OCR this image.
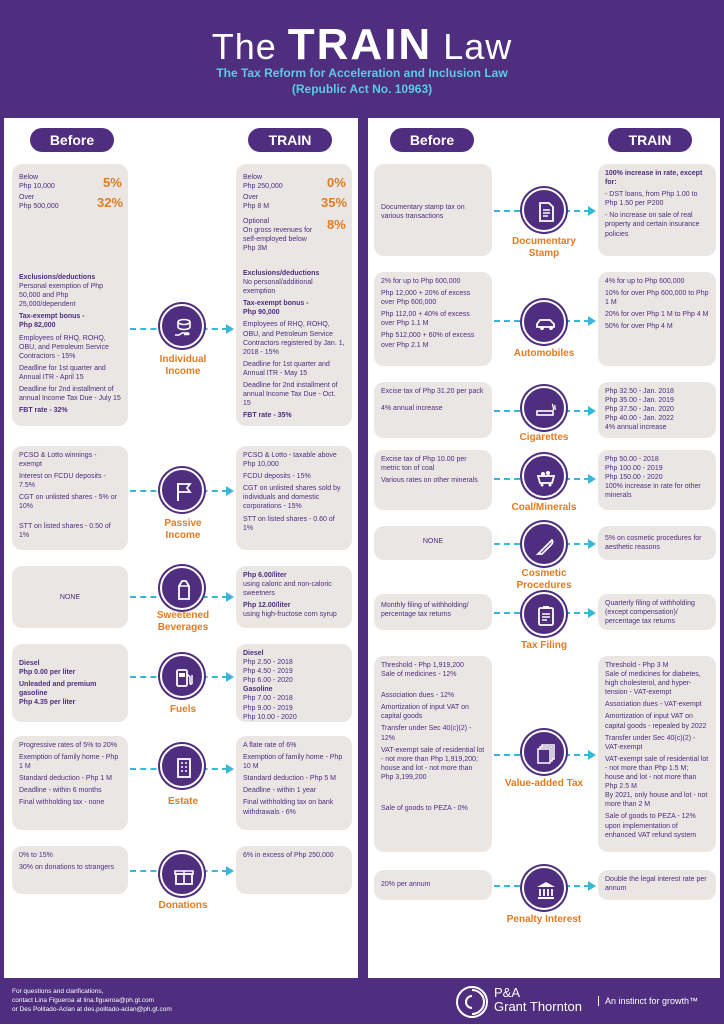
The TRAIN Law
The Tax Reform for Acceleration and Inclusion Law
(Republic Act No. 10963)
Before	TRAIN	Before	TRAIN
Below
Php 10,000	5%
Over
Php 500,000	32%
Exclusions/deductions
Personal exemption of Php 50,000 and Php 25,000/dependent
Tax-exempt bonus -
Php 82,000
Employees of RHQ, ROHQ, OBU, and Petroleum Service Contractors - 15%
Deadline for 1st quarter and Annual ITR - April 15
Deadline for 2nd installment of annual Income Tax Due - July 15
FBT rate - 32%
Below
Php 250,000	0%
Over
Php 8 M	35%
Optional
On gross revenues for self-employed below Php 3M
8%
Exclusions/deductions
No personal/additional exemption
Tax-exempt bonus -
Php 90,000
Employees of RHQ, ROHQ, OBU, and Petroleum Service Contractors registered by Jan. 1, 2018 - 15%
Deadline for 1st quarter and Annual ITR - May 15
Deadline for 2nd installment of annual Income Tax Due - Oct. 15
FBT rate - 35%
Individual Income
PCSO & Lotto winnings - exempt
Interest on FCDU deposits - 7.5%
CGT on unlisted shares - 5% or 10%
STT on listed shares - 0.50 of 1%
PCSO & Lotto - taxable above Php 10,000
FCDU deposits - 15%
CGT on unlisted shares sold by individuals and domestic corporations - 15%
STT on listed shares - 0.60 of 1%
Passive Income
NONE
Php 6.00/liter
using caloric and non-caloric sweetners
Php 12.00/liter
using high-fructose corn syrup
Sweetened Beverages
Diesel
Php 0.00 per liter
Unleaded and premium gasoline
Php 4.35 per liter
Diesel
Php 2.50 - 2018
Php 4.50 - 2019
Php 6.00 - 2020
Gasoline
Php 7.00 - 2018
Php 9.00 - 2019
Php 10.00 - 2020
Fuels
Progressive rates of 5% to 20%
Exemption of family home - Php 1 M
Standard deduction - Php 1 M
Deadline - within 6 months
Final withholding tax - none
A flate rate of 6%
Exemption of family home - Php 10 M
Standard deduction - Php 5 M
Deadline - within 1 year
Final withholding tax on bank withdrawals - 6%
Estate
0% to 15%
30% on donations to strangers
6% in excess of Php 250,000
Donations
Documentary stamp tax on various transactions
100% increase in rate, except for:
- DST loans, from Php 1.00 to Php 1.50 per P200
- No increase on sale of real property and certain insurance policies
Documentary Stamp
2% for up to Php 600,000
Php 12,000 + 20% of excess over Php 600,000
Php 112,00 + 40% of excess over Php 1.1 M
Php 512,000 + 60% of excess over Php 2.1 M
4% for up to Php 600,000
10% for over Php 600,000 to Php 1 M
20% for over Php 1 M to Php 4 M
50% for over Php 4 M
Automobiles
Excise tax of Php 31.20 per pack
4% annual increase
Php 32.50 - Jan. 2018
Php 35.00 - Jan. 2019
Php 37.50 - Jan. 2020
Php 40.00 - Jan. 2022
4% annual increase
Cigarettes
Excise tax of Php 10.00 per metric ton of coal
Various rates on other minerals
Php 50.00 - 2018
Php 100.00 - 2019
Php 150.00 - 2020
100% increase in rate for other minerals
Coal/Minerals
NONE	5% on cosmetic procedures for aesthetic reasons
Cosmetic Procedures
Monthly filing of withholding/ percentage tax returns
Quarterly filing of withholding (except compensation)/ percentage tax returns
Tax Filing
Threshold - Php 1,919,200
Sale of medicines - 12%
Association dues - 12%
Amortization of input VAT on capital goods
Transfer under Sec 40(c)(2) - 12%
VAT-exempt sale of residential lot - not more than Php 1,919,200; house and lot - not more than Php 3,199,200
Sale of goods to PEZA - 0%
Threshold - Php 3 M
Sale of medicines for diabetes, high cholesterol, and hyper-tension - VAT-exempt
Association dues - VAT-exempt
Amortization of input VAT on capital goods - repealed by 2022
Transfer under Sec 40(c)(2) - VAT-exempt
VAT-exempt sale of residential lot - not more than Php 1.5 M; house and lot - not more than Php 2.5 M
By 2021, only house and lot - not more than 2 M
Sale of goods to PEZA - 12% upon implementation of enhanced VAT refund system
Value-added Tax
20% per annum
Double the legal interest rate per annum
Penalty Interest
For questions and clarifications,
contact Lina Figueroa at lina.figueroa@ph.gt.com
or Des Politado-Aclan at des.politado-aclan@ph.gt.com
P&A
Grant Thornton	An instinct for growth™
